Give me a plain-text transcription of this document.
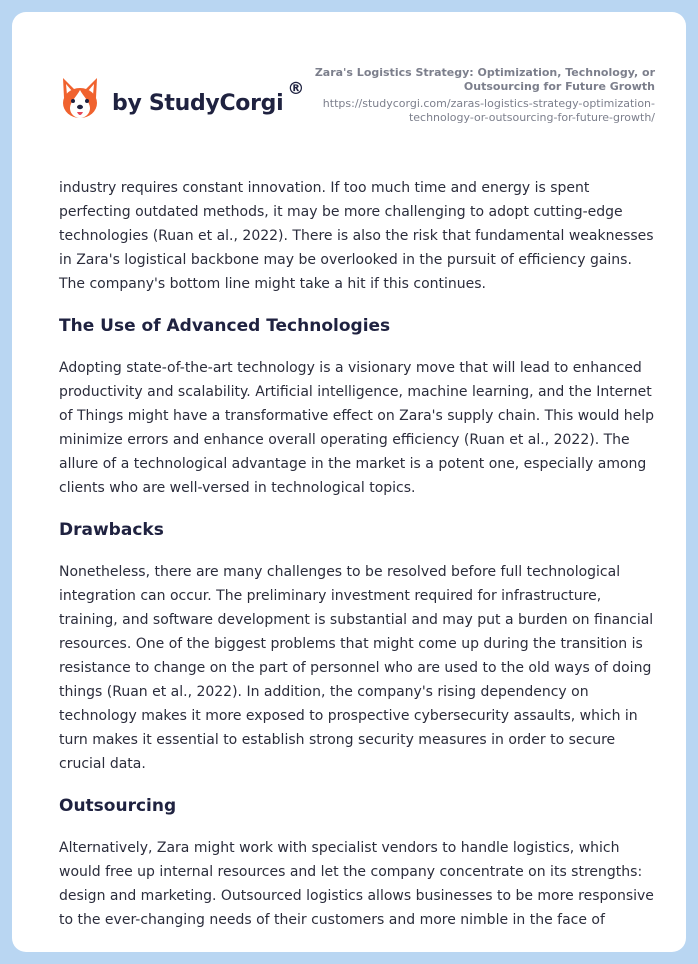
by StudyCorgi
®
Zara's Logistics Strategy: Optimization, Technology, or Outsourcing for Future Growth
https://studycorgi.com/zaras-logistics-strategy-optimization-technology-or-outsourcing-for-future-growth/

industry requires constant innovation. If too much time and energy is spent perfecting outdated methods, it may be more challenging to adopt cutting-edge technologies (Ruan et al., 2022). There is also the risk that fundamental weaknesses in Zara's logistical backbone may be overlooked in the pursuit of efficiency gains. The company's bottom line might take a hit if this continues.

The Use of Advanced Technologies

Adopting state-of-the-art technology is a visionary move that will lead to enhanced productivity and scalability. Artificial intelligence, machine learning, and the Internet of Things might have a transformative effect on Zara's supply chain. This would help minimize errors and enhance overall operating efficiency (Ruan et al., 2022). The allure of a technological advantage in the market is a potent one, especially among clients who are well-versed in technological topics.

Drawbacks

Nonetheless, there are many challenges to be resolved before full technological integration can occur. The preliminary investment required for infrastructure, training, and software development is substantial and may put a burden on financial resources. One of the biggest problems that might come up during the transition is resistance to change on the part of personnel who are used to the old ways of doing things (Ruan et al., 2022). In addition, the company's rising dependency on technology makes it more exposed to prospective cybersecurity assaults, which in turn makes it essential to establish strong security measures in order to secure crucial data.

Outsourcing

Alternatively, Zara might work with specialist vendors to handle logistics, which would free up internal resources and let the company concentrate on its strengths: design and marketing. Outsourced logistics allows businesses to be more responsive to the ever-changing needs of their customers and more nimble in the face of
